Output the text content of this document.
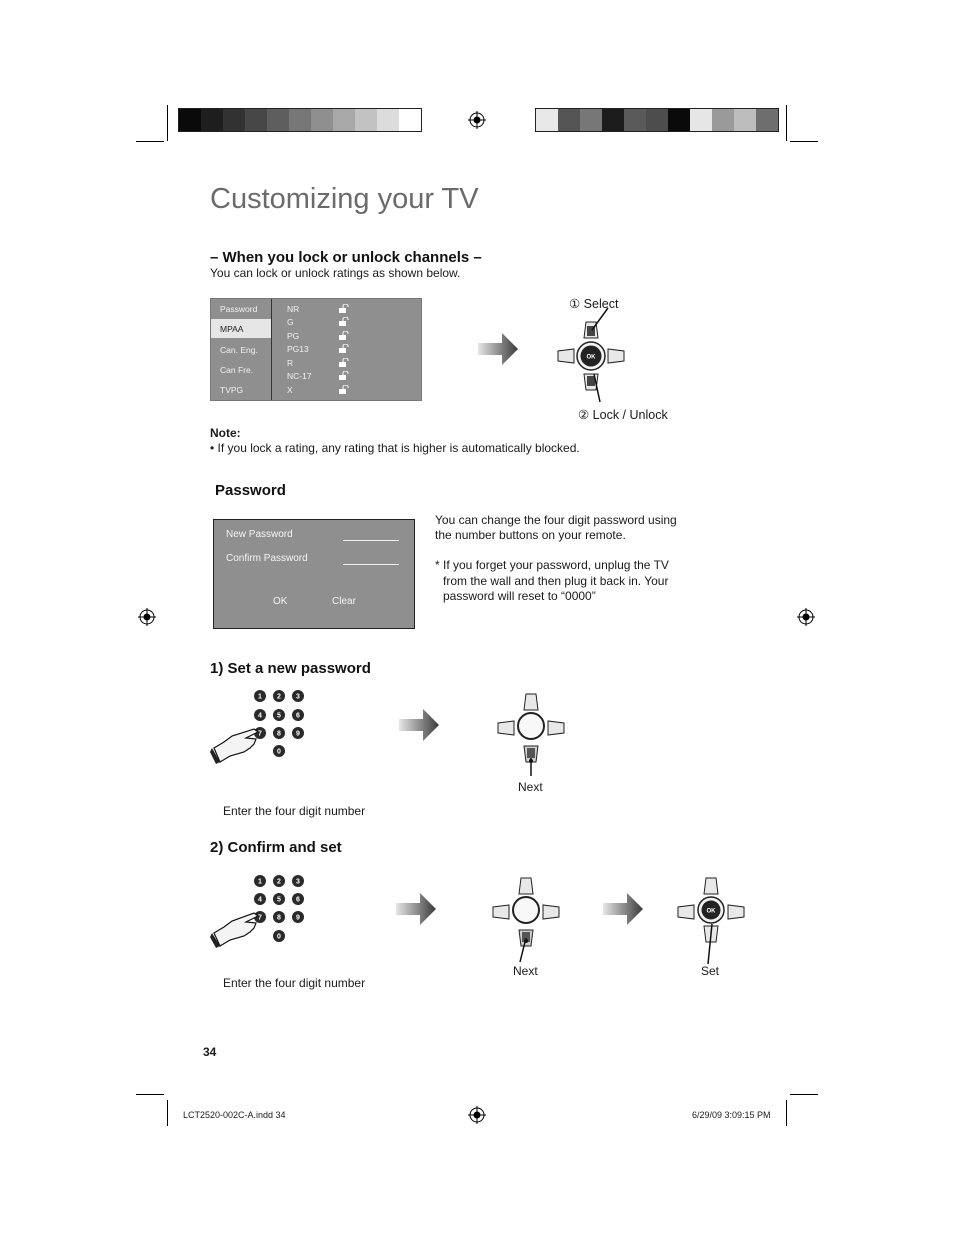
Customizing your TV
– When you lock or unlock channels –
You can lock or unlock ratings as shown below.
Password
MPAA
Can. Eng.
Can Fre.
TVPG
NR
G
PG
PG13
R
NC-17
X
OK
① Select
② Lock / Unlock
Note:
• If you lock a rating, any rating that is higher is automatically blocked.
Password
New Password
Confirm Password
OK	Clear
You can change the four digit password using
the number buttons on your remote.
* If you forget your password, unplug the TV
from the wall and then plug it back in. Your
password will reset to “0000”
1) Set a new password
1 2 3
4 5 6
7 8 9
0
Next
Enter the four digit number
2) Confirm and set
1 2 3
4 5 6
7 8 9
0
Next
OK
Set
Enter the four digit number
34
LCT2520-002C-A.indd 34	6/29/09 3:09:15 PM
